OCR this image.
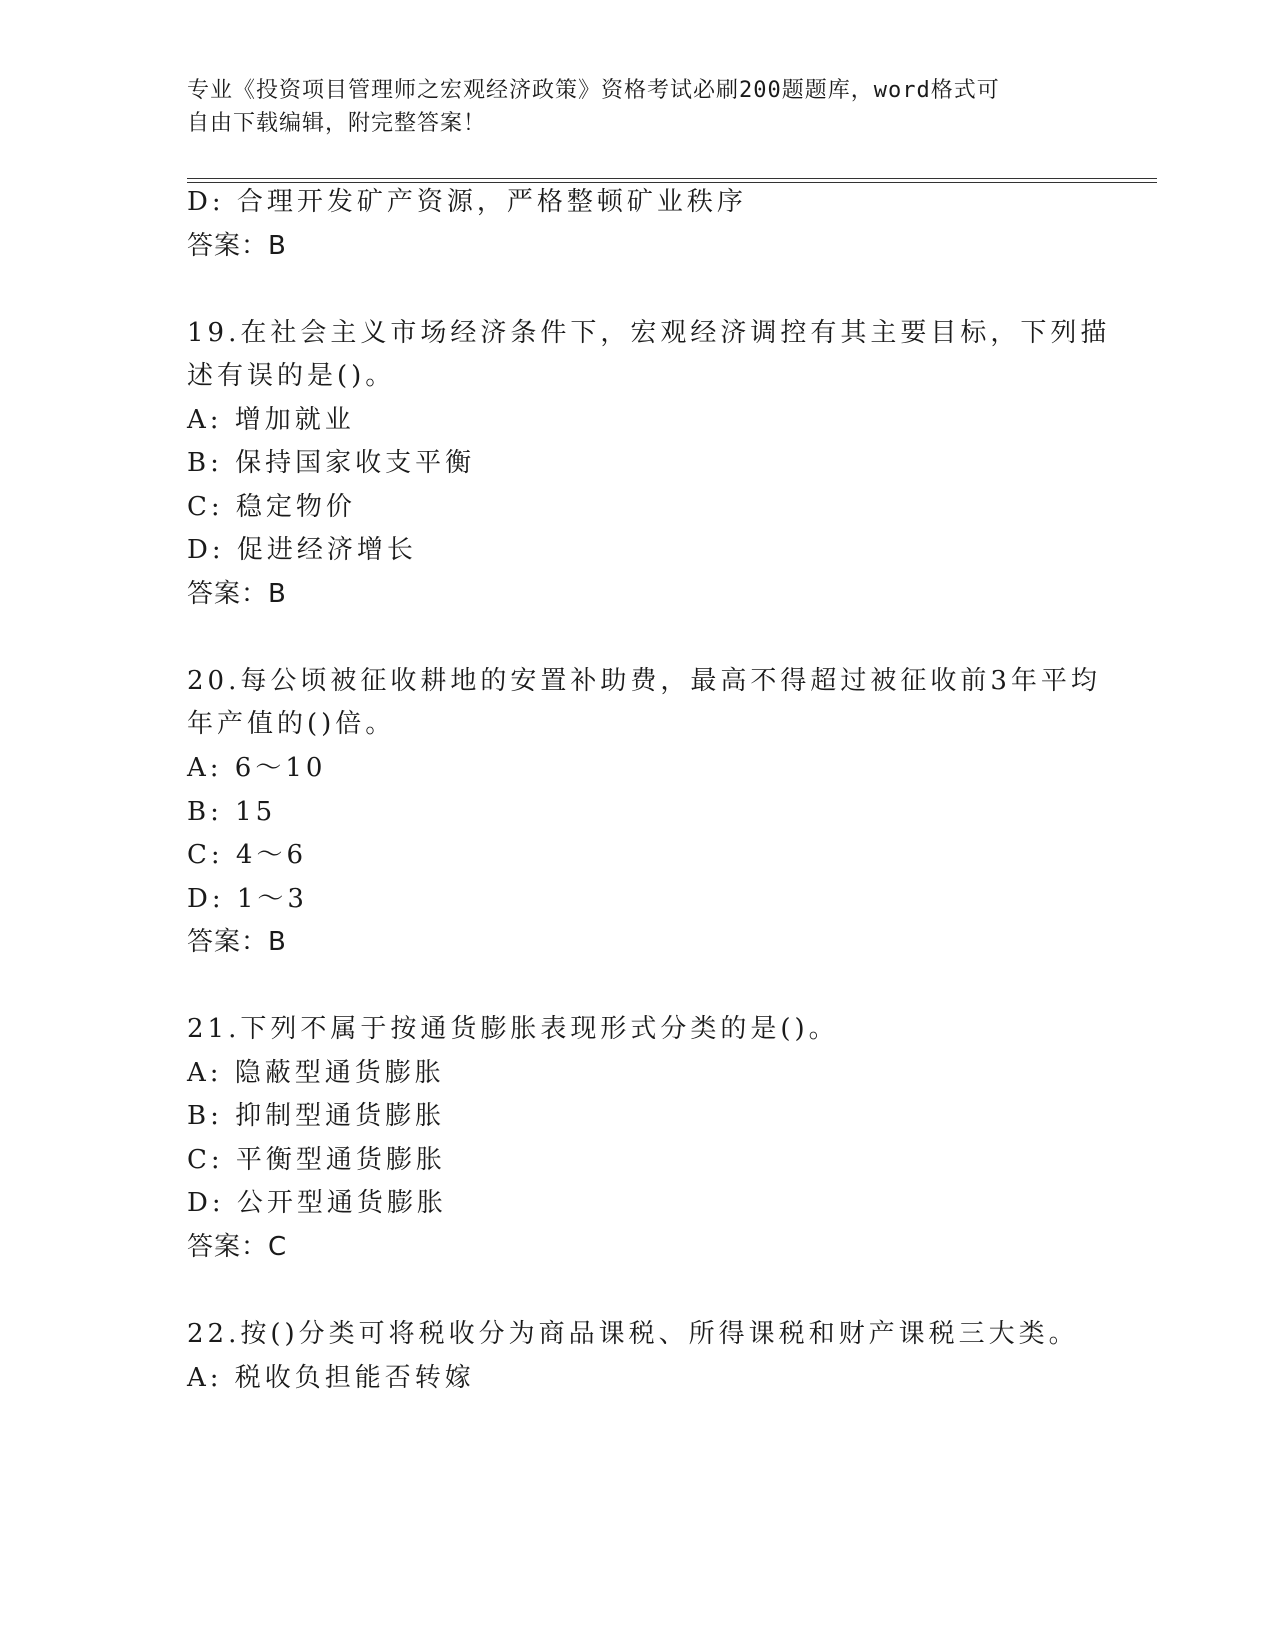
专业《投资项目管理师之宏观经济政策》资格考试必刷200题题库，word格式可
自由下载编辑，附完整答案！
D: 合理开发矿产资源，严格整顿矿业秩序
答案：B
19.在社会主义市场经济条件下，宏观经济调控有其主要目标，下列描
述有误的是()。
A: 增加就业
B: 保持国家收支平衡
C: 稳定物价
D: 促进经济增长
答案：B
20.每公顷被征收耕地的安置补助费，最高不得超过被征收前3年平均
年产值的()倍。
A: 6～10
B: 15
C: 4～6
D: 1～3
答案：B
21.下列不属于按通货膨胀表现形式分类的是()。
A: 隐蔽型通货膨胀
B: 抑制型通货膨胀
C: 平衡型通货膨胀
D: 公开型通货膨胀
答案：C
22.按()分类可将税收分为商品课税、所得课税和财产课税三大类。
A: 税收负担能否转嫁
